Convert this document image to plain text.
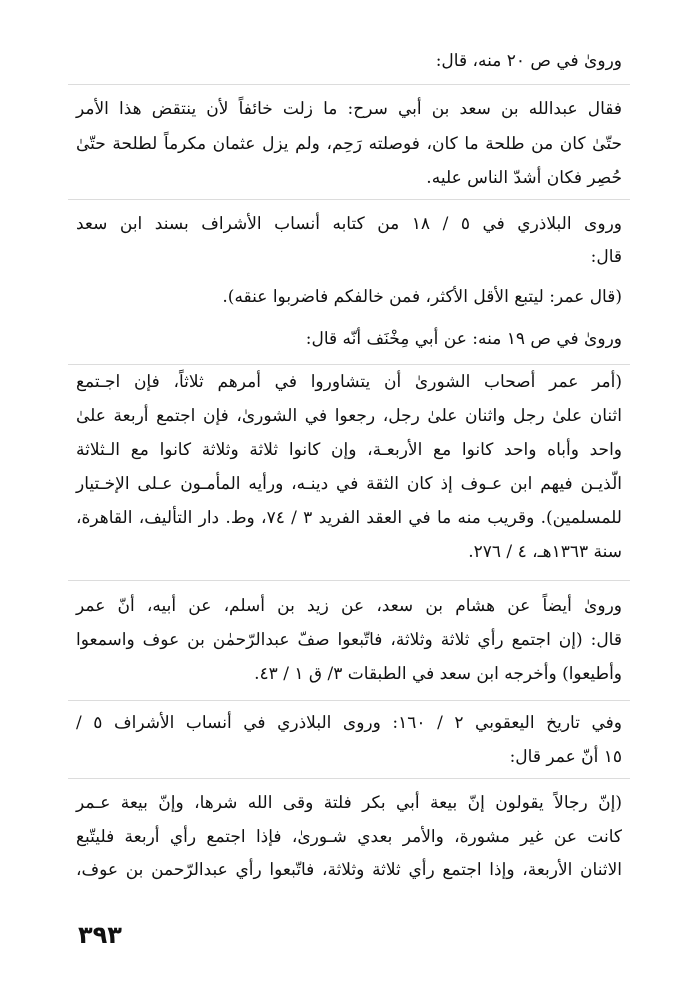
ورویٰ في ص ٢٠ منه، قال:
فقال عبدالله بن سعد بن أبي سرح: ما زلت خائفاً لأن ينتقض هذا الأمر
حتّیٰ كان من طلحة ما كان، فوصلته رَحِم، ولم يزل عثمان مكرماً لطلحة حتّیٰ
حُصِر فكان أشدّ الناس عليه.
وروى البلاذري في ٥ / ١٨ من كتابه أنساب الأشراف بسند ابن سعد
قال:
(قال عمر: ليتبع الأقل الأكثر، فمن خالفكم فاضربوا عنقه).
ورویٰ في ص ١٩ منه: عن أبي مِخْنَف أنّه قال:
(أمر عمر أصحاب الشورىٰ أن يتشاوروا في أمرهم ثلاثاً، فإن اجـتمع
اثنان علیٰ رجل واثنان علیٰ رجل، رجعوا في الشوریٰ، فإن اجتمع أربعة علیٰ
واحد وأباه واحد كانوا مع الأربعـة، وإن كانوا ثلاثة وثلاثة كانوا مع الـثلاثة
الّذيـن فيهم ابن عـوف إذ كان الثقة في دينـه، ورأيه المأمـون عـلی الإخـتيار
للمسلمين). وقريب منه ما في العقد الفريد ٣ / ٧٤، وط. دار التأليف، القاهرة،
سنة ١٣٦٣هـ، ٤ / ٢٧٦.
ورویٰ أيضاً عن هشام بن سعد، عن زيد بن أسلم، عن أبيه، أنّ عمر
قال: (إن اجتمع رأي ثلاثة وثلاثة، فاتّبعوا صفّ عبدالرّحمٰن بن عوف واسمعوا
وأطيعوا) وأخرجه ابن سعد في الطبقات ٣/ ق ١ / ٤٣.
وفي تاريخ اليعقوبي ٢ / ١٦٠: وروى البلاذري في أنساب الأشراف ٥ /
١٥ أنّ عمر قال:
(إنّ رجالاً يقولون إنّ بيعة أبي بكر فلتة وقی الله شرها، وإنّ بيعة عـمر
كانت عن غير مشورة، والأمر بعدي شـوریٰ، فإذا اجتمع رأي أربعة فليتّبع
الاثنان الأربعة، وإذا اجتمع رأي ثلاثة وثلاثة، فاتّبعوا رأي عبدالرّحمن بن عوف،
٣٩٣
